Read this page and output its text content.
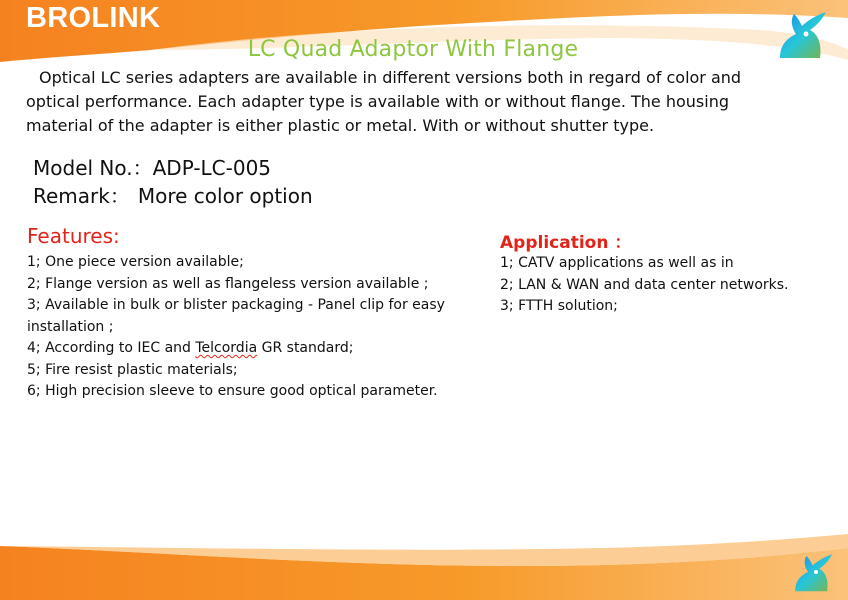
BROLINK
LC Quad Adaptor With Flange
Optical LC series adapters are available in different versions both in regard of color and optical performance. Each adapter type is available with or without flange. The housing material of the adapter is either plastic or metal. With or without shutter type.
Model No.：ADP-LC-005
Remark： More color option
Features:
1; One piece version available;
2; Flange version as well as flangeless version available ;
3; Available in bulk or blister packaging - Panel clip for easy installation ;
4; According to IEC and Telcordia GR standard;
5; Fire resist plastic materials;
6; High precision sleeve to ensure good optical parameter.
Application ：
1; CATV applications as well as in
2; LAN & WAN and data center networks.
3; FTTH solution;
